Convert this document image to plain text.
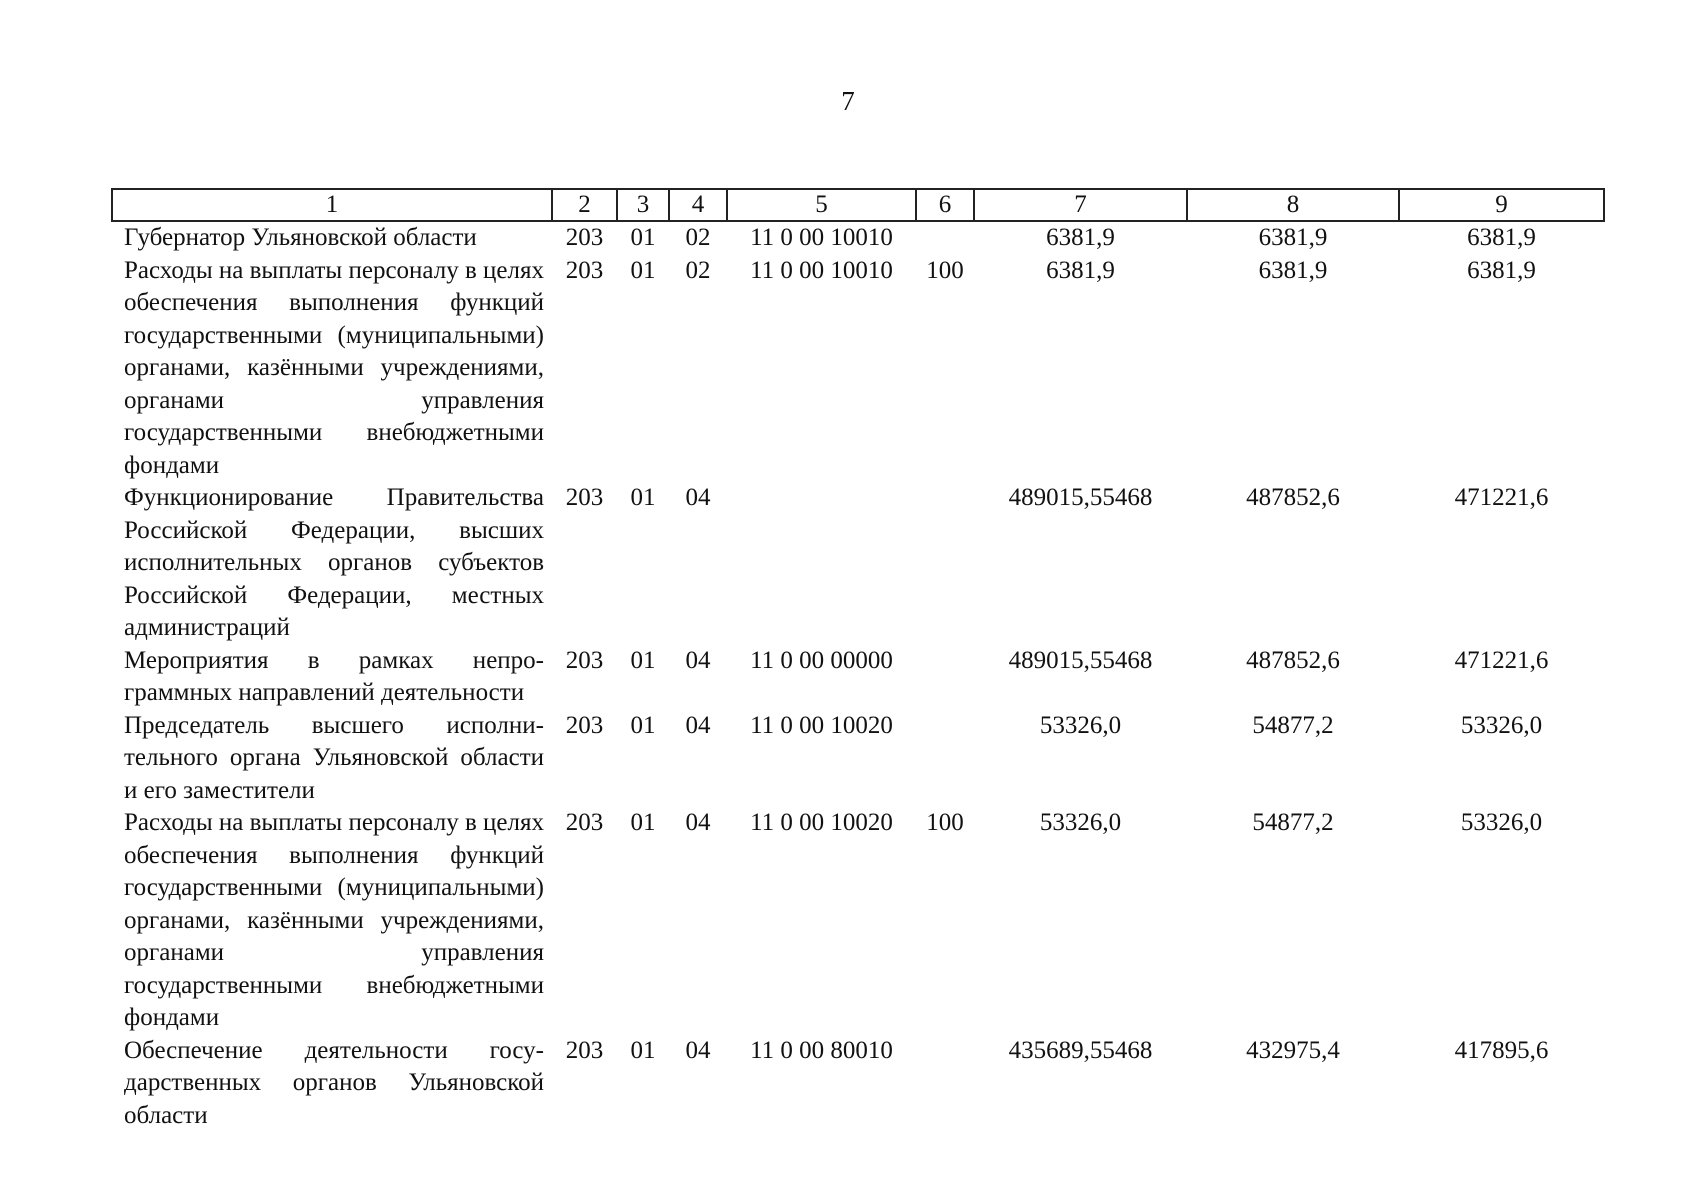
7
1	2	3	4	5	6	7	8	9
Губернатор Ульяновской области	203	01	02	11 0 00 10010		6381,9	6381,9	6381,9
Расходы на выплаты персоналу в целях обеспечения выполнения функций государственными (муниципальными) органами, казёнными учреждениями, органами управления государственными внебюджетными фондами	203	01	02	11 0 00 10010	100	6381,9	6381,9	6381,9
Функционирование Правительства Российской Федерации, высших исполнительных органов субъектов Российской Федерации, местных администраций	203	01	04			489015,55468	487852,6	471221,6
Мероприятия в рамках непрограммных направлений деятельности	203	01	04	11 0 00 00000		489015,55468	487852,6	471221,6
Председатель высшего исполнительного органа Ульяновской области и его заместители	203	01	04	11 0 00 10020		53326,0	54877,2	53326,0
Расходы на выплаты персоналу в целях обеспечения выполнения функций государственными (муниципальными) органами, казёнными учреждениями, органами управления государственными внебюджетными фондами	203	01	04	11 0 00 10020	100	53326,0	54877,2	53326,0
Обеспечение деятельности государственных органов Ульяновской области	203	01	04	11 0 00 80010		435689,55468	432975,4	417895,6
